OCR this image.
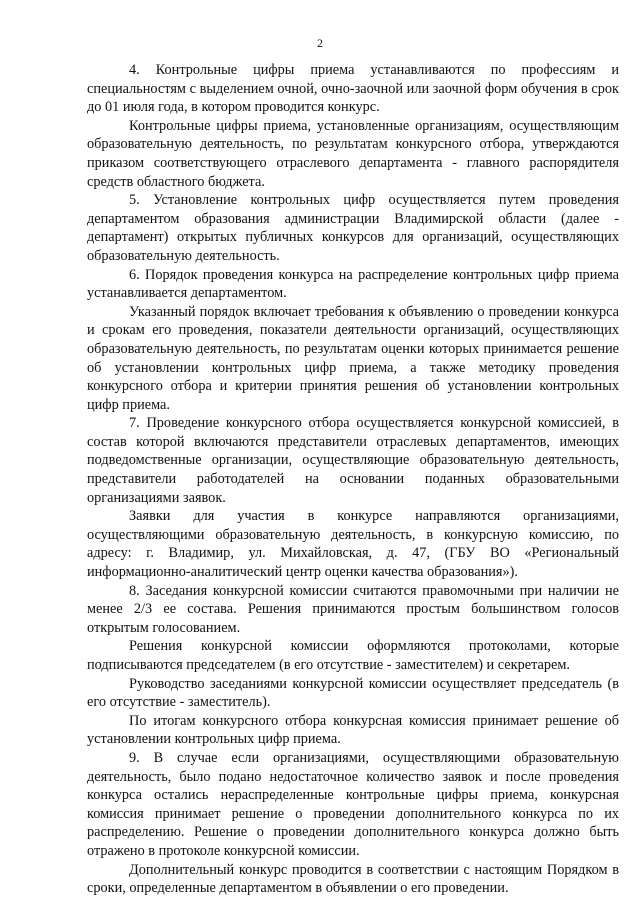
2

4. Контрольные цифры приема устанавливаются по профессиям и специальностям с выделением очной, очно-заочной или заочной форм обучения в срок до 01 июля года, в котором проводится конкурс.

Контрольные цифры приема, установленные организациям, осуществляющим образовательную деятельность, по результатам конкурсного отбора, утверждаются приказом соответствующего отраслевого департамента - главного распорядителя средств областного бюджета.

5. Установление контрольных цифр осуществляется путем проведения департаментом образования администрации Владимирской области (далее - департамент) открытых публичных конкурсов для организаций, осуществляющих образовательную деятельность.

6. Порядок проведения конкурса на распределение контрольных цифр приема устанавливается департаментом.

Указанный порядок включает требования к объявлению о проведении конкурса и срокам его проведения, показатели деятельности организаций, осуществляющих образовательную деятельность, по результатам оценки которых принимается решение об установлении контрольных цифр приема, а также методику проведения конкурсного отбора и критерии принятия решения об установлении контрольных цифр приема.

7. Проведение конкурсного отбора осуществляется конкурсной комиссией, в состав которой включаются представители отраслевых департаментов, имеющих подведомственные организации, осуществляющие образовательную деятельность, представители работодателей на основании поданных образовательными организациями заявок.

Заявки для участия в конкурсе направляются организациями, осуществляющими образовательную деятельность, в конкурсную комиссию, по адресу: г. Владимир, ул. Михайловская, д. 47, (ГБУ ВО «Региональный информационно-аналитический центр оценки качества образования»).

8. Заседания конкурсной комиссии считаются правомочными при наличии не менее 2/3 ее состава. Решения принимаются простым большинством голосов открытым голосованием.

Решения конкурсной комиссии оформляются протоколами, которые подписываются председателем (в его отсутствие - заместителем) и секретарем.

Руководство заседаниями конкурсной комиссии осуществляет председатель (в его отсутствие - заместитель).

По итогам конкурсного отбора конкурсная комиссия принимает решение об установлении контрольных цифр приема.

9. В случае если организациями, осуществляющими образовательную деятельность, было подано недостаточное количество заявок и после проведения конкурса остались нераспределенные контрольные цифры приема, конкурсная комиссия принимает решение о проведении дополнительного конкурса по их распределению. Решение о проведении дополнительного конкурса должно быть отражено в протоколе конкурсной комиссии.

Дополнительный конкурс проводится в соответствии с настоящим Порядком в сроки, определенные департаментом в объявлении о его проведении.
